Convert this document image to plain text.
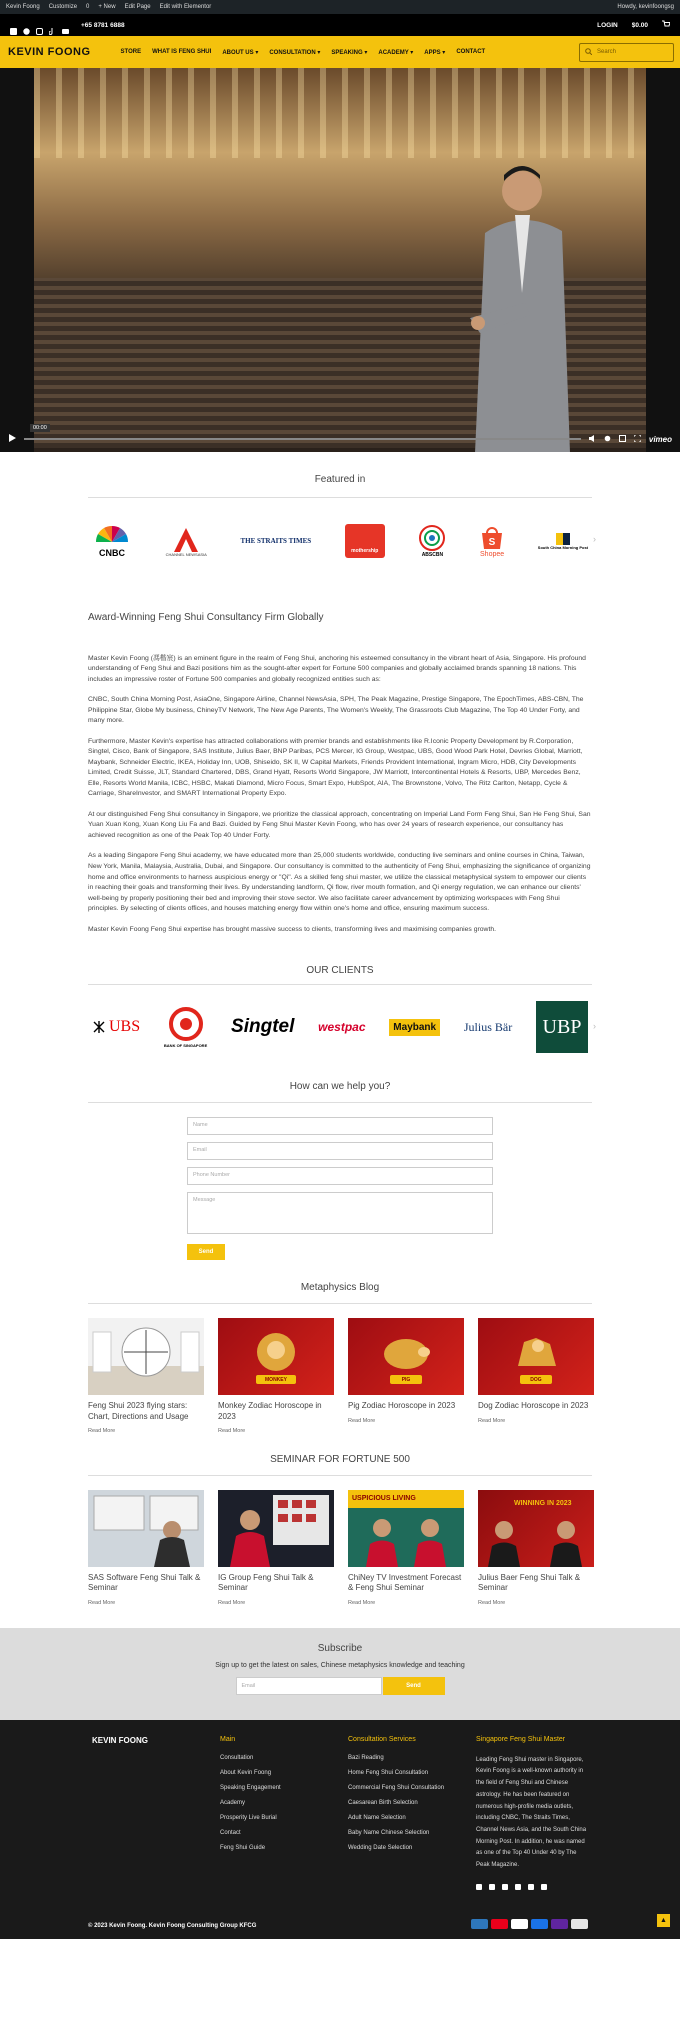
Kevin Foong Customize 0 + New Edit Page Edit with Elementor	Howdy, kevinfoongsg
+65 8781 6888	LOGIN $0.00
KEVIN FOONG	STORE WHAT IS FENG SHUI ABOUT US ▾ CONSULTATION ▾ SPEAKING ▾ ACADEMY ▾ APPS ▾ CONTACT	Search
00:00
vimeo
Featured in
CNBC	CHANNEL NEWSASIA
THE STRAITS TIMES
mothership
ABSCBN
S
Shopee
South China Morning Post
›
Award-Winning Feng Shui Consultancy Firm Globally

Master Kevin Foong (馮楷宸) is an eminent figure in the realm of Feng Shui, anchoring his esteemed consultancy in the vibrant heart of Asia, Singapore. His profound understanding of Feng Shui and Bazi positions him as the sought-after expert for Fortune 500 companies and globally acclaimed brands spanning 18 nations. This includes an impressive roster of Fortune 500 companies and globally recognized entities such as:

CNBC, South China Morning Post, AsiaOne, Singapore Airline, Channel NewsAsia, SPH, The Peak Magazine, Prestige Singapore, The EpochTimes, ABS-CBN, The Philippine Star, Globe My business, ChineyTV Network, The New Age Parents, The Women's Weekly, The Grassroots Club Magazine, The Top 40 Under Forty, and many more.

Furthermore, Master Kevin's expertise has attracted collaborations with premier brands and establishments like R.Iconic Property Development by R.Corporation, Singtel, Cisco, Bank of Singapore, SAS Institute, Julius Baer, BNP Paribas, PCS Mercer, IG Group, Westpac, UBS, Good Wood Park Hotel, Devries Global, Marriott, Maybank, Schneider Electric, IKEA, Holiday Inn, UOB, Shiseido, SK II, W Capital Markets, Friends Provident International, Ingram Micro, HDB, City Developments Limited, Credit Suisse, JLT, Standard Chartered, DBS, Grand Hyatt, Resorts World Singapore, JW Marriott, Intercontinental Hotels & Resorts, UBP, Mercedes Benz, Elle, Resorts World Manila, ICBC, HSBC, Makati Diamond, Micro Focus, Smart Expo, HubSpot, AIA, The Brownstone, Volvo, The Ritz Carlton, Netapp, Cycle & Carriage, ShareInvestor, and SMART International Property Expo.

At our distinguished Feng Shui consultancy in Singapore, we prioritize the classical approach, concentrating on Imperial Land Form Feng Shui, San He Feng Shui, San Yuan Xuan Kong, Xuan Kong Liu Fa and Bazi. Guided by Feng Shui Master Kevin Foong, who has over 24 years of research experience, our consultancy has achieved recognition as one of the Peak Top 40 Under Forty.

As a leading Singapore Feng Shui academy, we have educated more than 25,000 students worldwide, conducting live seminars and online courses in China, Taiwan, New York, Manila, Malaysia, Australia, Dubai, and Singapore. Our consultancy is committed to the authenticity of Feng Shui, emphasizing the significance of organizing home and office environments to harness auspicious energy or "Qi". As a skilled feng shui master, we utilize the classical metaphysical system to empower our clients in reaching their goals and transforming their lives. By understanding landform, Qi flow, river mouth formation, and Qi energy regulation, we can enhance our clients' well-being by properly positioning their bed and improving their stove sector. We also facilitate career advancement by optimizing workspaces with Feng Shui principles. By selecting of clients offices, and houses matching energy flow within one's home and office, ensuring maximum success.

Master Kevin Foong Feng Shui expertise has brought massive success to clients, transforming lives and maximising companies growth.

OUR CLIENTS
UBS
BANK OF SINGAPORE
Singtel westpac	Maybank Julius Bär UBP ›
How can we help you?
Name
Email
Phone Number
Message
Send
Metaphysics Blog
Feng Shui 2023 flying stars: Chart, Directions and Usage
Read More
MONKEY
Monkey Zodiac Horoscope in 2023
Read More
PIG
Pig Zodiac Horoscope in 2023
Read More
DOG
Dog Zodiac Horoscope in 2023
Read More
SEMINAR FOR FORTUNE 500
SAS Software Feng Shui Talk & Seminar
Read More
IG Group Feng Shui Talk & Seminar
Read More
USPICIOUS LIVING
ChiNey TV Investment Forecast & Feng Shui Seminar
Read More
WINNING IN 2023
Julius Baer Feng Shui Talk & Seminar
Read More
Subscribe
Sign up to get the latest on sales, Chinese metaphysics knowledge and teaching
Email	Send
KEVIN FOONG	Main
Consultation
About Kevin Foong
Speaking Engagement
Academy
Prosperity Live Burial
Contact
Feng Shui Guide
Consultation Services
Bazi Reading
Home Feng Shui Consultation
Commercial Feng Shui Consultation
Caesarean Birth Selection
Adult Name Selection
Baby Name Chinese Selection
Wedding Date Selection
Singapore Feng Shui Master

Leading Feng Shui master in Singapore, Kevin Foong is a well-known authority in the field of Feng Shui and Chinese astrology. He has been featured on numerous high-profile media outlets, including CNBC, The Straits Times, Channel News Asia, and the South China Morning Post. In addition, he was named as one of the Top 40 Under 40 by The Peak Magazine.

© 2023 Kevin Foong. Kevin Foong Consulting Group KFCG
▲
